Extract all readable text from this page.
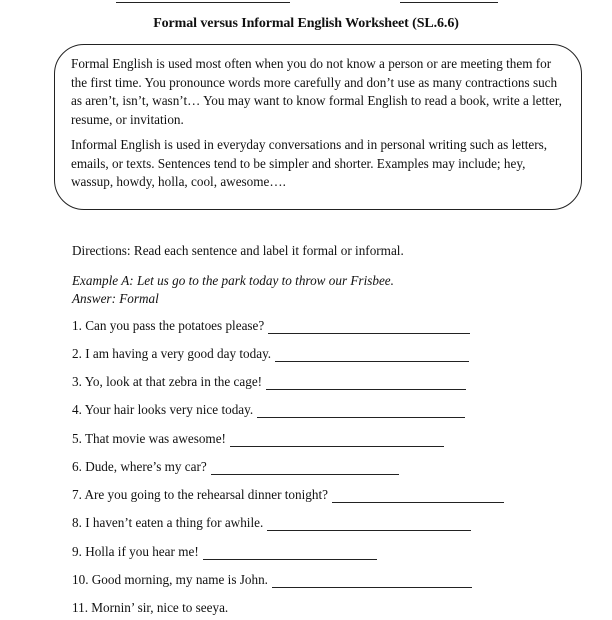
Formal versus Informal English Worksheet (SL.6.6)

Formal English is used most often when you do not know a person or are meeting them for the first time. You pronounce words more carefully and don’t use as many contractions such as aren’t, isn’t, wasn’t… You may want to know formal English to read a book, write a letter, resume, or invitation.

Informal English is used in everyday conversations and in personal writing such as letters, emails, or texts. Sentences tend to be simpler and shorter. Examples may include; hey, wassup, howdy, holla, cool, awesome….

Directions: Read each sentence and label it formal or informal.
Example A: Let us go to the park today to throw our Frisbee.
Answer: Formal
1. Can you pass the potatoes please?
2. I am having a very good day today.
3. Yo, look at that zebra in the cage!
4. Your hair looks very nice today.
5. That movie was awesome!
6. Dude, where’s my car?
7. Are you going to the rehearsal dinner tonight?
8. I haven’t eaten a thing for awhile.
9. Holla if you hear me!
10. Good morning, my name is John.
11. Mornin’ sir, nice to seeya.
